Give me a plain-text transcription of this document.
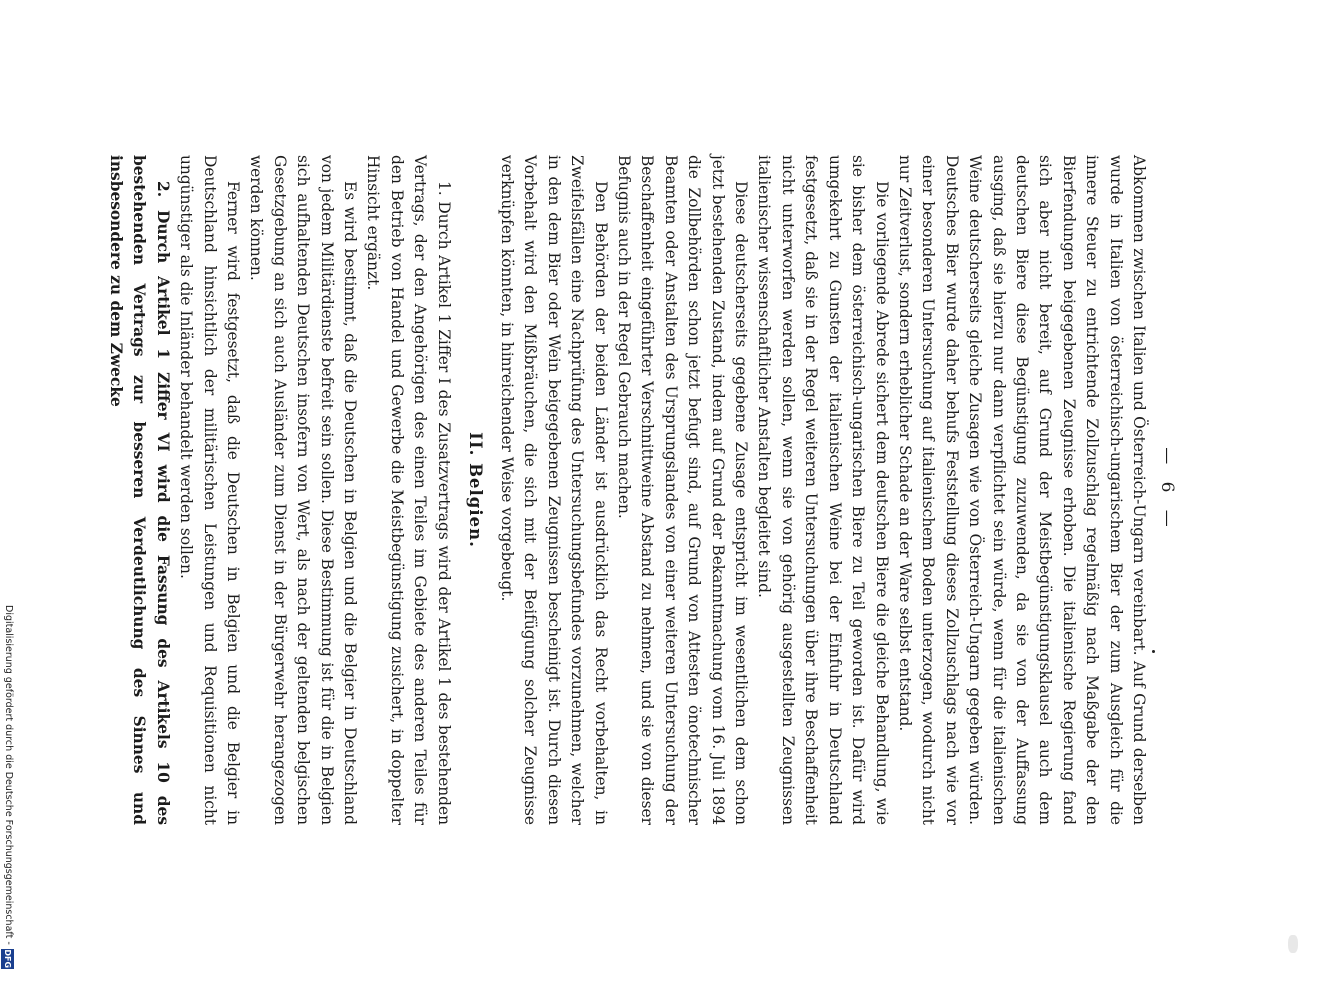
— 6 —

Abkommen zwischen Italien und Österreich-Ungarn vereinbart. Auf Grund derselben wurde in Italien von österreichisch-ungarischem Bier der zum Ausgleich für die innere Steuer zu entrichtende Zollzuschlag regelmäßig nach Maßgabe der den Bierfendungen beigegebenen Zeugnisse erhoben. Die italienische Regierung fand sich aber nicht bereit, auf Grund der Meistbegünstigungsklausel auch dem deutschen Biere diese Begünstigung zuzuwenden, da sie von der Auffassung ausging, daß sie hierzu nur dann verpflichtet sein würde, wenn für die italienischen Weine deutscherseits gleiche Zusagen wie von Österreich-Ungarn gegeben würden. Deutsches Bier wurde daher behufs Feststellung dieses Zollzuschlags nach wie vor einer besonderen Untersuchung auf italienischem Boden unterzogen, wodurch nicht nur Zeitverlust, sondern erheblicher Schade an der Ware selbst entstand.

Die vorliegende Abrede sichert dem deutschen Biere die gleiche Behandlung, wie sie bisher dem österreichisch-ungarischen Biere zu Teil geworden ist. Dafür wird umgekehrt zu Gunsten der italienischen Weine bei der Einfuhr in Deutschland festgesetzt, daß sie in der Regel weiteren Untersuchungen über ihre Beschaffenheit nicht unterworfen werden sollen, wenn sie von gehörig ausgestellten Zeugnissen italienischer wissenschaftlicher Anstalten begleitet sind.

Diese deutscherseits gegebene Zusage entspricht im wesentlichen dem schon jetzt bestehenden Zustand, indem auf Grund der Bekanntmachung vom 16. Juli 1894 die Zollbehörden schon jetzt befugt sind, auf Grund von Attesten önotechnischer Beamten oder Anstalten des Ursprungslandes von einer weiteren Untersuchung der Beschaffenheit eingeführter Verschnittweine Abstand zu nehmen, und sie von dieser Befugnis auch in der Regel Gebrauch machen.

Den Behörden der beiden Länder ist ausdrücklich das Recht vorbehalten, in Zweifelsfällen eine Nachprüfung des Untersuchungsbefundes vorzunehmen, welcher in den dem Bier oder Wein beigegebenen Zeugnissen bescheinigt ist. Durch diesen Vorbehalt wird den Mißbräuchen, die sich mit der Beifügung solcher Zeugnisse verknüpfen könnten, in hinreichender Weise vorgebeugt.

II. Belgien.

1. Durch Artikel 1 Ziffer I des Zusatzvertrags wird der Artikel 1 des bestehenden Vertrags, der den Angehörigen des einen Teiles im Gebiete des anderen Teiles für den Betrieb von Handel und Gewerbe die Meistbegünstigung zusichert, in doppelter Hinsicht ergänzt.

Es wird bestimmt, daß die Deutschen in Belgien und die Belgier in Deutschland von jedem Militärdienste befreit sein sollen. Diese Bestimmung ist für die in Belgien sich aufhaltenden Deutschen insofern von Wert, als nach der geltenden belgischen Gesetzgebung an sich auch Ausländer zum Dienst in der Bürgerwehr herangezogen werden können.

Ferner wird festgesetzt, daß die Deutschen in Belgien und die Belgier in Deutschland hinsichtlich der militärischen Leistungen und Requisitionen nicht ungünstiger als die Inländer behandelt werden sollen.

2. Durch Artikel 1 Ziffer VI wird die Fassung des Artikels 10 des bestehenden Vertrags zur besseren Verdeutlichung des Sinnes und insbesondere zu dem Zwecke

Digitalisierung gefördert durch die Deutsche Forschungsgemeinschaft -
DFG
